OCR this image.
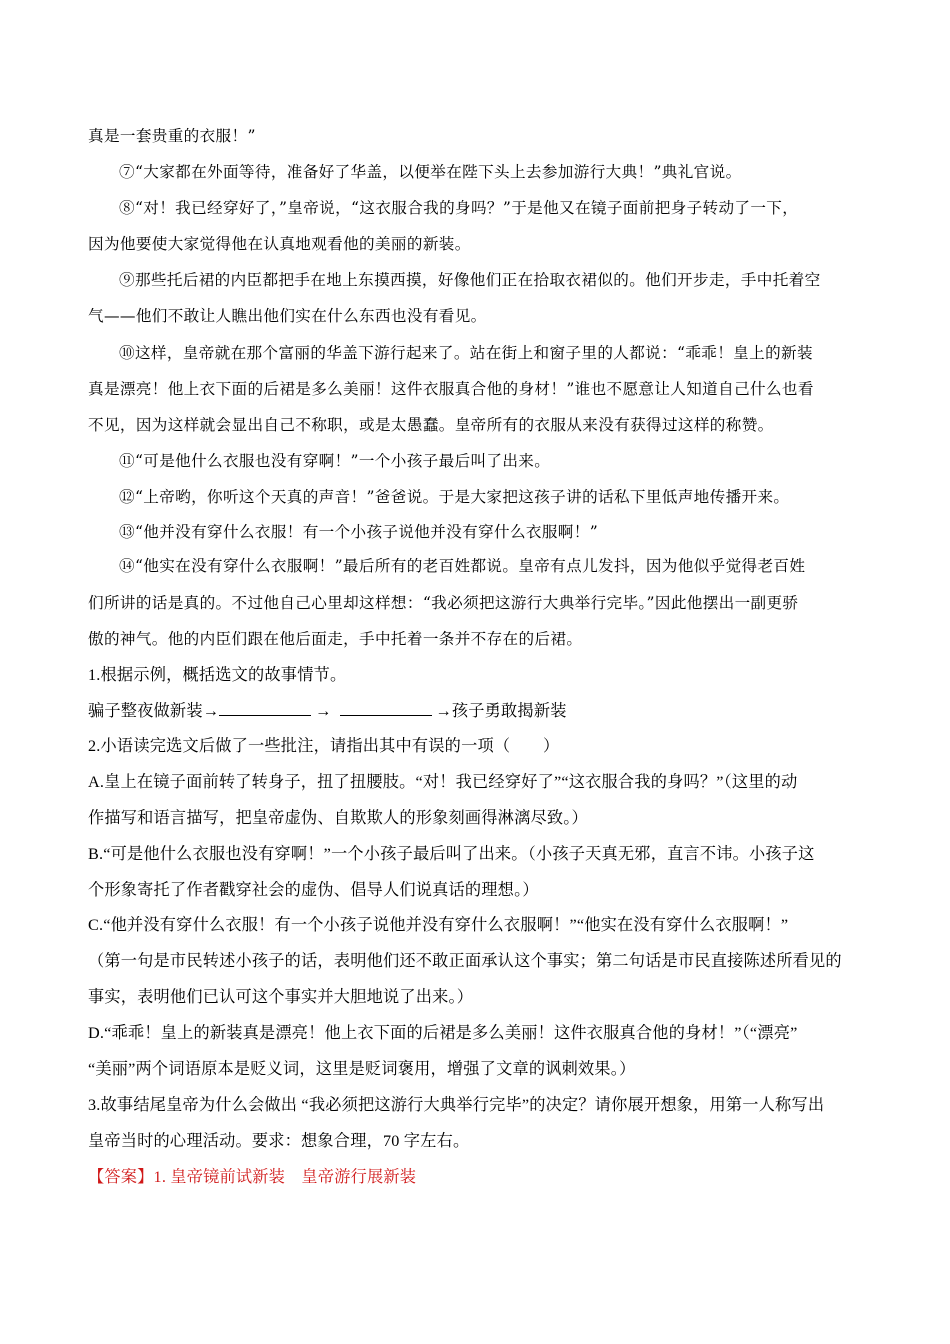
真是一套贵重的衣服！”
⑦“大家都在外面等待，准备好了华盖，以便举在陛下头上去参加游行大典！”典礼官说。
⑧“对！我已经穿好了，”皇帝说，“这衣服合我的身吗？”于是他又在镜子面前把身子转动了一下，
因为他要使大家觉得他在认真地观看他的美丽的新装。
⑨那些托后裙的内臣都把手在地上东摸西摸，好像他们正在拾取衣裙似的。他们开步走，手中托着空
气——他们不敢让人瞧出他们实在什么东西也没有看见。
⑩这样，皇帝就在那个富丽的华盖下游行起来了。站在街上和窗子里的人都说：“乖乖！皇上的新装
真是漂亮！他上衣下面的后裙是多么美丽！这件衣服真合他的身材！”谁也不愿意让人知道自己什么也看
不见，因为这样就会显出自己不称职，或是太愚蠢。皇帝所有的衣服从来没有获得过这样的称赞。
⑪“可是他什么衣服也没有穿啊！”一个小孩子最后叫了出来。
⑫“上帝哟，你听这个天真的声音！”爸爸说。于是大家把这孩子讲的话私下里低声地传播开来。
⑬“他并没有穿什么衣服！有一个小孩子说他并没有穿什么衣服啊！”
⑭“他实在没有穿什么衣服啊！”最后所有的老百姓都说。皇帝有点儿发抖，因为他似乎觉得老百姓
们所讲的话是真的。不过他自己心里却这样想：“我必须把这游行大典举行完毕。”因此他摆出一副更骄
傲的神气。他的内臣们跟在他后面走，手中托着一条并不存在的后裙。
1.根据示例，概括选文的故事情节。
骗子整夜做新装→	→	→孩子勇敢揭新装
2.小语读完选文后做了一些批注，请指出其中有误的一项（　　）
A.皇上在镜子面前转了转身子，扭了扭腰肢。“对！我已经穿好了”“这衣服合我的身吗？”（这里的动
作描写和语言描写，把皇帝虚伪、自欺欺人的形象刻画得淋漓尽致。）
B.“可是他什么衣服也没有穿啊！”一个小孩子最后叫了出来。（小孩子天真无邪，直言不讳。小孩子这
个形象寄托了作者戳穿社会的虚伪、倡导人们说真话的理想。）
C.“他并没有穿什么衣服！有一个小孩子说他并没有穿什么衣服啊！”“他实在没有穿什么衣服啊！”
（第一句是市民转述小孩子的话，表明他们还不敢正面承认这个事实；第二句话是市民直接陈述所看见的
事实，表明他们已认可这个事实并大胆地说了出来。）
D.“乖乖！皇上的新装真是漂亮！他上衣下面的后裙是多么美丽！这件衣服真合他的身材！”（“漂亮”
“美丽”两个词语原本是贬义词，这里是贬词褒用，增强了文章的讽刺效果。）
3.故事结尾皇帝为什么会做出 “我必须把这游行大典举行完毕”的决定？请你展开想象，用第一人称写出
皇帝当时的心理活动。要求：想象合理，70 字左右。
【答案】1. 皇帝镜前试新装　皇帝游行展新装
